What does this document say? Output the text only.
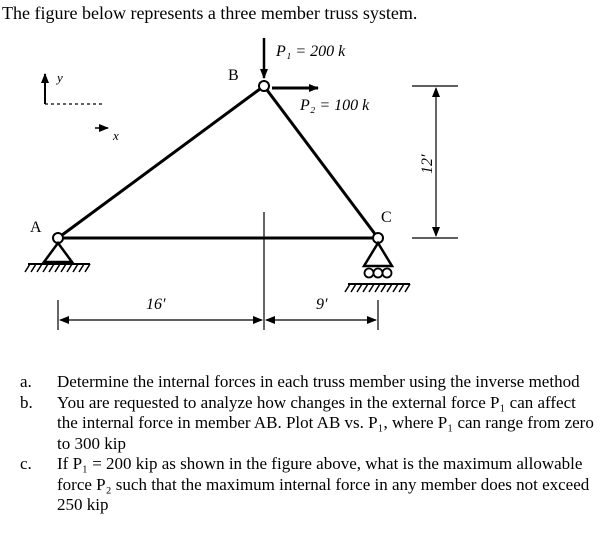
The figure below represents a three member truss system.
y
x
A
B
C
P₁ = 200 k
P₂ = 100 k
16′	9′
12′
a.	Determine the internal forces in each truss member using the inverse method
b.	You are requested to analyze how changes in the external force P₁ can affect the internal force in member AB. Plot AB vs. P₁, where P₁ can range from zero to 300 kip
c.	If P₁ = 200 kip as shown in the figure above, what is the maximum allowable force P₂ such that the maximum internal force in any member does not exceed 250 kip
